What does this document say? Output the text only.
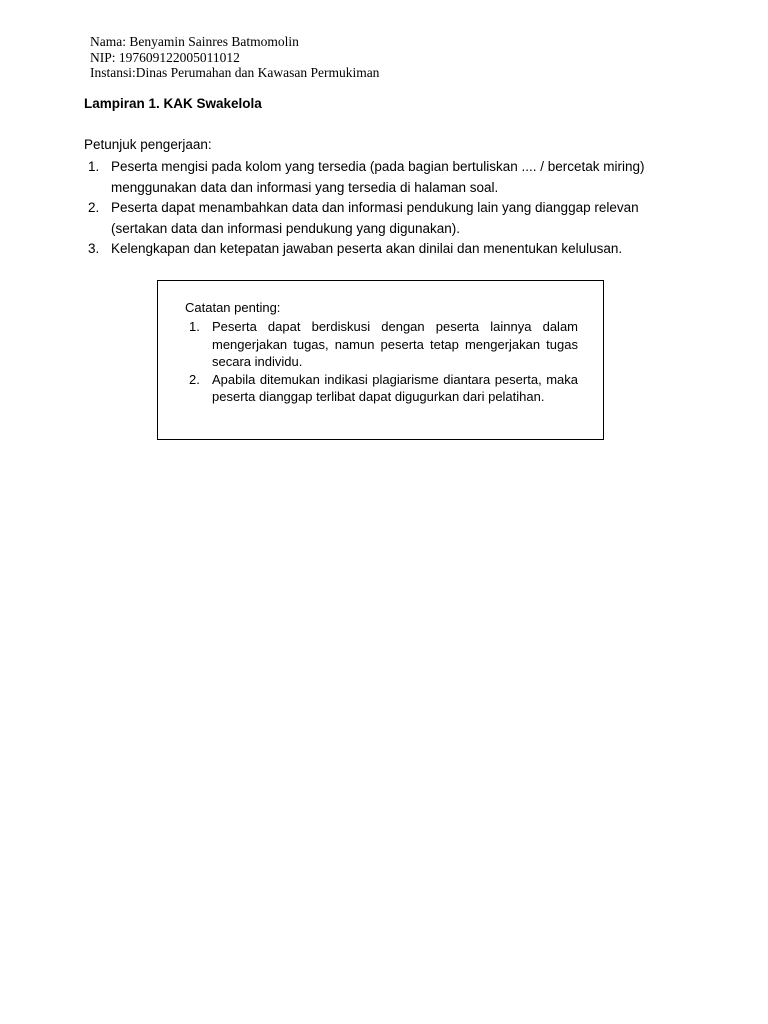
Nama: Benyamin Sainres Batmomolin
NIP: 197609122005011012
Instansi:Dinas Perumahan dan Kawasan Permukiman
Lampiran 1. KAK Swakelola
Petunjuk pengerjaan:
1. Peserta mengisi pada kolom yang tersedia (pada bagian bertuliskan .... / bercetak miring) menggunakan data dan informasi yang tersedia di halaman soal.
2. Peserta dapat menambahkan data dan informasi pendukung lain yang dianggap relevan (sertakan data dan informasi pendukung yang digunakan).
3. Kelengkapan dan ketepatan jawaban peserta akan dinilai dan menentukan kelulusan.
Catatan penting:
1. Peserta dapat berdiskusi dengan peserta lainnya dalam mengerjakan tugas, namun peserta tetap mengerjakan tugas secara individu.
2. Apabila ditemukan indikasi plagiarisme diantara peserta, maka peserta dianggap terlibat dapat digugurkan dari pelatihan.
